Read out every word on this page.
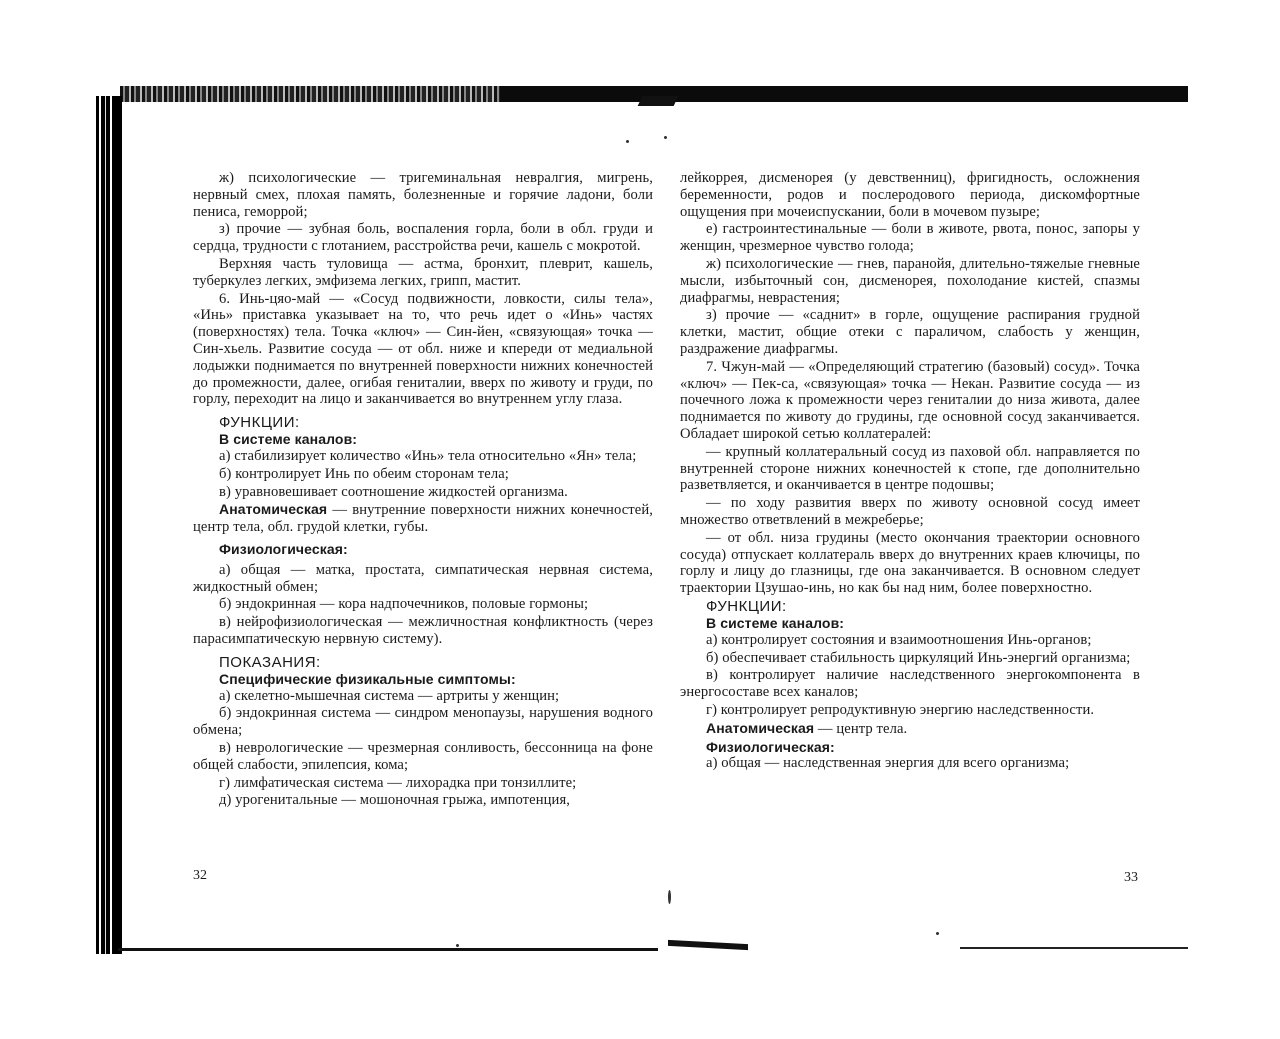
ж) психологические — тригеминальная невралгия, мигрень, нервный смех, плохая память, болезненные и горячие ладони, боли пениса, геморрой;

з) прочие — зубная боль, воспаления горла, боли в обл. груди и сердца, трудности с глотанием, расстройства речи, кашель с мокротой.

Верхняя часть туловища — астма, бронхит, плеврит, кашель, туберкулез легких, эмфизема легких, грипп, мастит.

6. Инь-цяо-май — «Сосуд подвижности, ловкости, силы тела», «Инь» приставка указывает на то, что речь идет о «Инь» частях (поверхностях) тела. Точка «ключ» — Син-йен, «связующая» точка — Син-хьель. Развитие сосуда — от обл. ниже и кпереди от медиальной лодыжки поднимается по внутренней поверхности нижних конечностей до промежности, далее, огибая гениталии, вверх по животу и груди, по горлу, переходит на лицо и заканчивается во внутреннем углу глаза.

ФУНКЦИИ:
В системе каналов:

а) стабилизирует количество «Инь» тела относительно «Ян» тела;

б) контролирует Инь по обеим сторонам тела;

в) уравновешивает соотношение жидкостей организма.

Анатомическая — внутренние поверхности нижних конечностей, центр тела, обл. грудой клетки, губы.

Физиологическая:

а) общая — матка, простата, симпатическая нервная система, жидкостный обмен;

б) эндокринная — кора надпочечников, половые гормоны;

в) нейрофизиологическая — межличностная конфликтность (через парасимпатическую нервную систему).

ПОКАЗАНИЯ:
Специфические физикальные симптомы:

а) скелетно-мышечная система — артриты у женщин;

б) эндокринная система — синдром менопаузы, нарушения водного обмена;

в) неврологические — чрезмерная сонливость, бессонница на фоне общей слабости, эпилепсия, кома;

г) лимфатическая система — лихорадка при тонзиллите;

д) урогенитальные — мошоночная грыжа, импотенция,

32

лейкоррея, дисменорея (у девственниц), фригидность, осложнения беременности, родов и послеродового периода, дискомфортные ощущения при мочеиспускании, боли в мочевом пузыре;

е) гастроинтестинальные — боли в животе, рвота, понос, запоры у женщин, чрезмерное чувство голода;

ж) психологические — гнев, паранойя, длительно-тяжелые гневные мысли, избыточный сон, дисменорея, похолодание кистей, спазмы диафрагмы, неврастения;

з) прочие — «саднит» в горле, ощущение распирания грудной клетки, мастит, общие отеки с параличом, слабость у женщин, раздражение диафрагмы.

7. Чжун-май — «Определяющий стратегию (базовый) сосуд». Точка «ключ» — Пек-са, «связующая» точка — Некан. Развитие сосуда — из почечного ложа к промежности через гениталии до низа живота, далее поднимается по животу до грудины, где основной сосуд заканчивается. Обладает широкой сетью коллатералей:

— крупный коллатеральный сосуд из паховой обл. направляется по внутренней стороне нижних конечностей к стопе, где дополнительно разветвляется, и оканчивается в центре подошвы;

— по ходу развития вверх по животу основной сосуд имеет множество ответвлений в межреберье;

— от обл. низа грудины (место окончания траектории основного сосуда) отпускает коллатераль вверх до внутренних краев ключицы, по горлу и лицу до глазницы, где она заканчивается. В основном следует траектории Цзушао-инь, но как бы над ним, более поверхностно.

ФУНКЦИИ:
В системе каналов:

а) контролирует состояния и взаимоотношения Инь-органов;

б) обеспечивает стабильность циркуляций Инь-энергий организма;

в) контролирует наличие наследственного энергокомпонента в энергосоставе всех каналов;

г) контролирует репродуктивную энергию наследственности.

Анатомическая — центр тела.

Физиологическая:

а) общая — наследственная энергия для всего организма;

33
